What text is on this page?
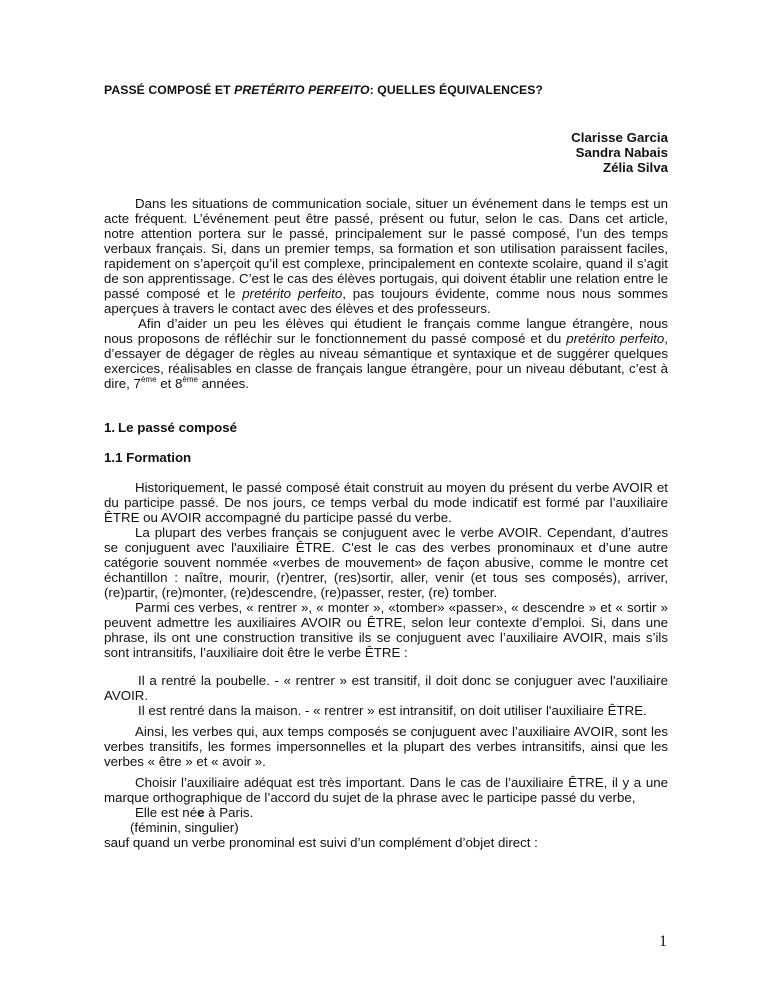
PASSÉ COMPOSÉ ET PRETÉRITO PERFEITO: QUELLES ÉQUIVALENCES?
Clarisse Garcia
Sandra Nabais
Zélia Silva

Dans les situations de communication sociale, situer un événement dans le temps est un acte fréquent. L’événement peut être passé, présent ou futur, selon le cas. Dans cet article, notre attention portera sur le passé, principalement sur le passé composé, l’un des temps verbaux français. Si, dans un premier temps, sa formation et son utilisation paraissent faciles, rapidement on s’aperçoit qu’il est complexe, principalement en contexte scolaire, quand il s’agit de son apprentissage. C’est le cas des élèves portugais, qui doivent établir une relation entre le passé composé et le pretérito perfeito, pas toujours évidente, comme nous nous sommes aperçues à travers le contact avec des élèves et des professeurs.

Afin d’aider un peu les élèves qui étudient le français comme langue étrangère, nous nous proposons de réfléchir sur le fonctionnement du passé composé et du pretérito perfeito, d’essayer de dégager de règles au niveau sémantique et syntaxique et de suggérer quelques exercices, réalisables en classe de français langue étrangère, pour un niveau débutant, c’est à dire, 7ème et 8ème années.

1. Le passé composé
1.1 Formation

Historiquement, le passé composé était construit au moyen du présent du verbe AVOIR et du participe passé. De nos jours, ce temps verbal du mode indicatif est formé par l’auxiliaire ÊTRE ou AVOIR accompagné du participe passé du verbe.

La plupart des verbes français se conjuguent avec le verbe AVOIR. Cependant, d’autres se conjuguent avec l'auxiliaire ÊTRE. C'est le cas des verbes pronominaux et d’une autre catégorie souvent nommée «verbes de mouvement» de façon abusive, comme le montre cet échantillon : naître, mourir, (r)entrer, (res)sortir, aller, venir (et tous ses composés), arriver, (re)partir, (re)monter, (re)descendre, (re)passer, rester, (re) tomber.

Parmi ces verbes, « rentrer », « monter », «tomber» «passer», « descendre » et « sortir » peuvent admettre les auxiliaires AVOIR ou ÊTRE, selon leur contexte d’emploi. Si, dans une phrase, ils ont une construction transitive ils se conjuguent avec l’auxiliaire AVOIR, mais s’ils sont intransitifs, l’auxiliaire doit être le verbe ÊTRE :

Il a rentré la poubelle. - « rentrer » est transitif, il doit donc se conjuguer avec l'auxiliaire AVOIR.

Il est rentré dans la maison. - « rentrer » est intransitif, on doit utiliser l'auxiliaire ÊTRE.

Ainsi, les verbes qui, aux temps composés se conjuguent avec l’auxiliaire AVOIR, sont les verbes transitifs, les formes impersonnelles et la plupart des verbes intransitifs, ainsi que les verbes « être » et « avoir ».

Choisir l’auxiliaire adéquat est très important. Dans le cas de l’auxiliaire ÊTRE, il y a une marque orthographique de l’accord du sujet de la phrase avec le participe passé du verbe,

Elle est née à Paris.

(féminin, singulier)

sauf quand un verbe pronominal est suivi d’un complément d’objet direct :

1
